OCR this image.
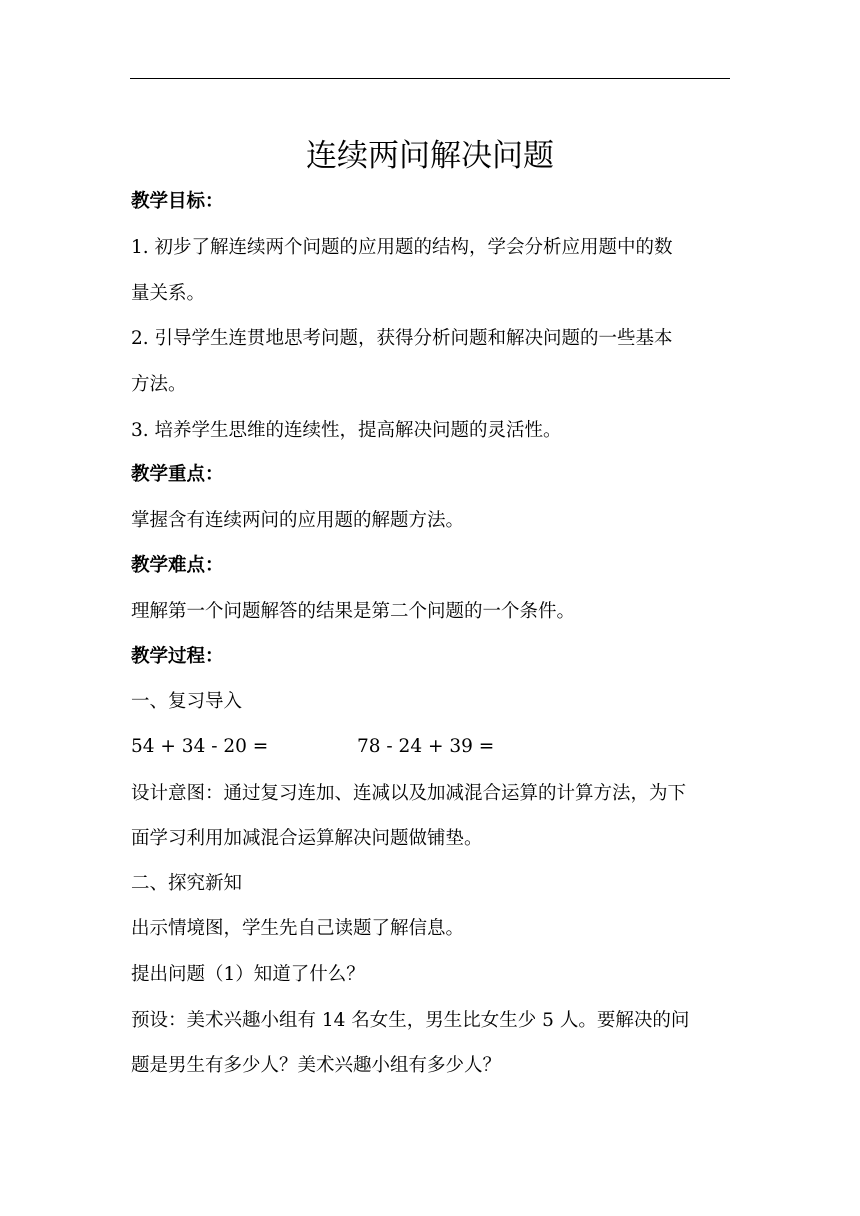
连续两问解决问题
教学目标：
1. 初步了解连续两个问题的应用题的结构，学会分析应用题中的数
量关系。
2. 引导学生连贯地思考问题，获得分析问题和解决问题的一些基本
方法。
3. 培养学生思维的连续性，提高解决问题的灵活性。
教学重点：
掌握含有连续两问的应用题的解题方法。
教学难点：
理解第一个问题解答的结果是第二个问题的一个条件。
教学过程：
一、复习导入
54 + 34 - 20 =	78 - 24 + 39 =
设计意图：通过复习连加、连减以及加减混合运算的计算方法，为下
面学习利用加减混合运算解决问题做铺垫。
二、探究新知
出示情境图，学生先自己读题了解信息。
提出问题（1）知道了什么？
预设：美术兴趣小组有 14 名女生，男生比女生少 5 人。要解决的问
题是男生有多少人？美术兴趣小组有多少人？
